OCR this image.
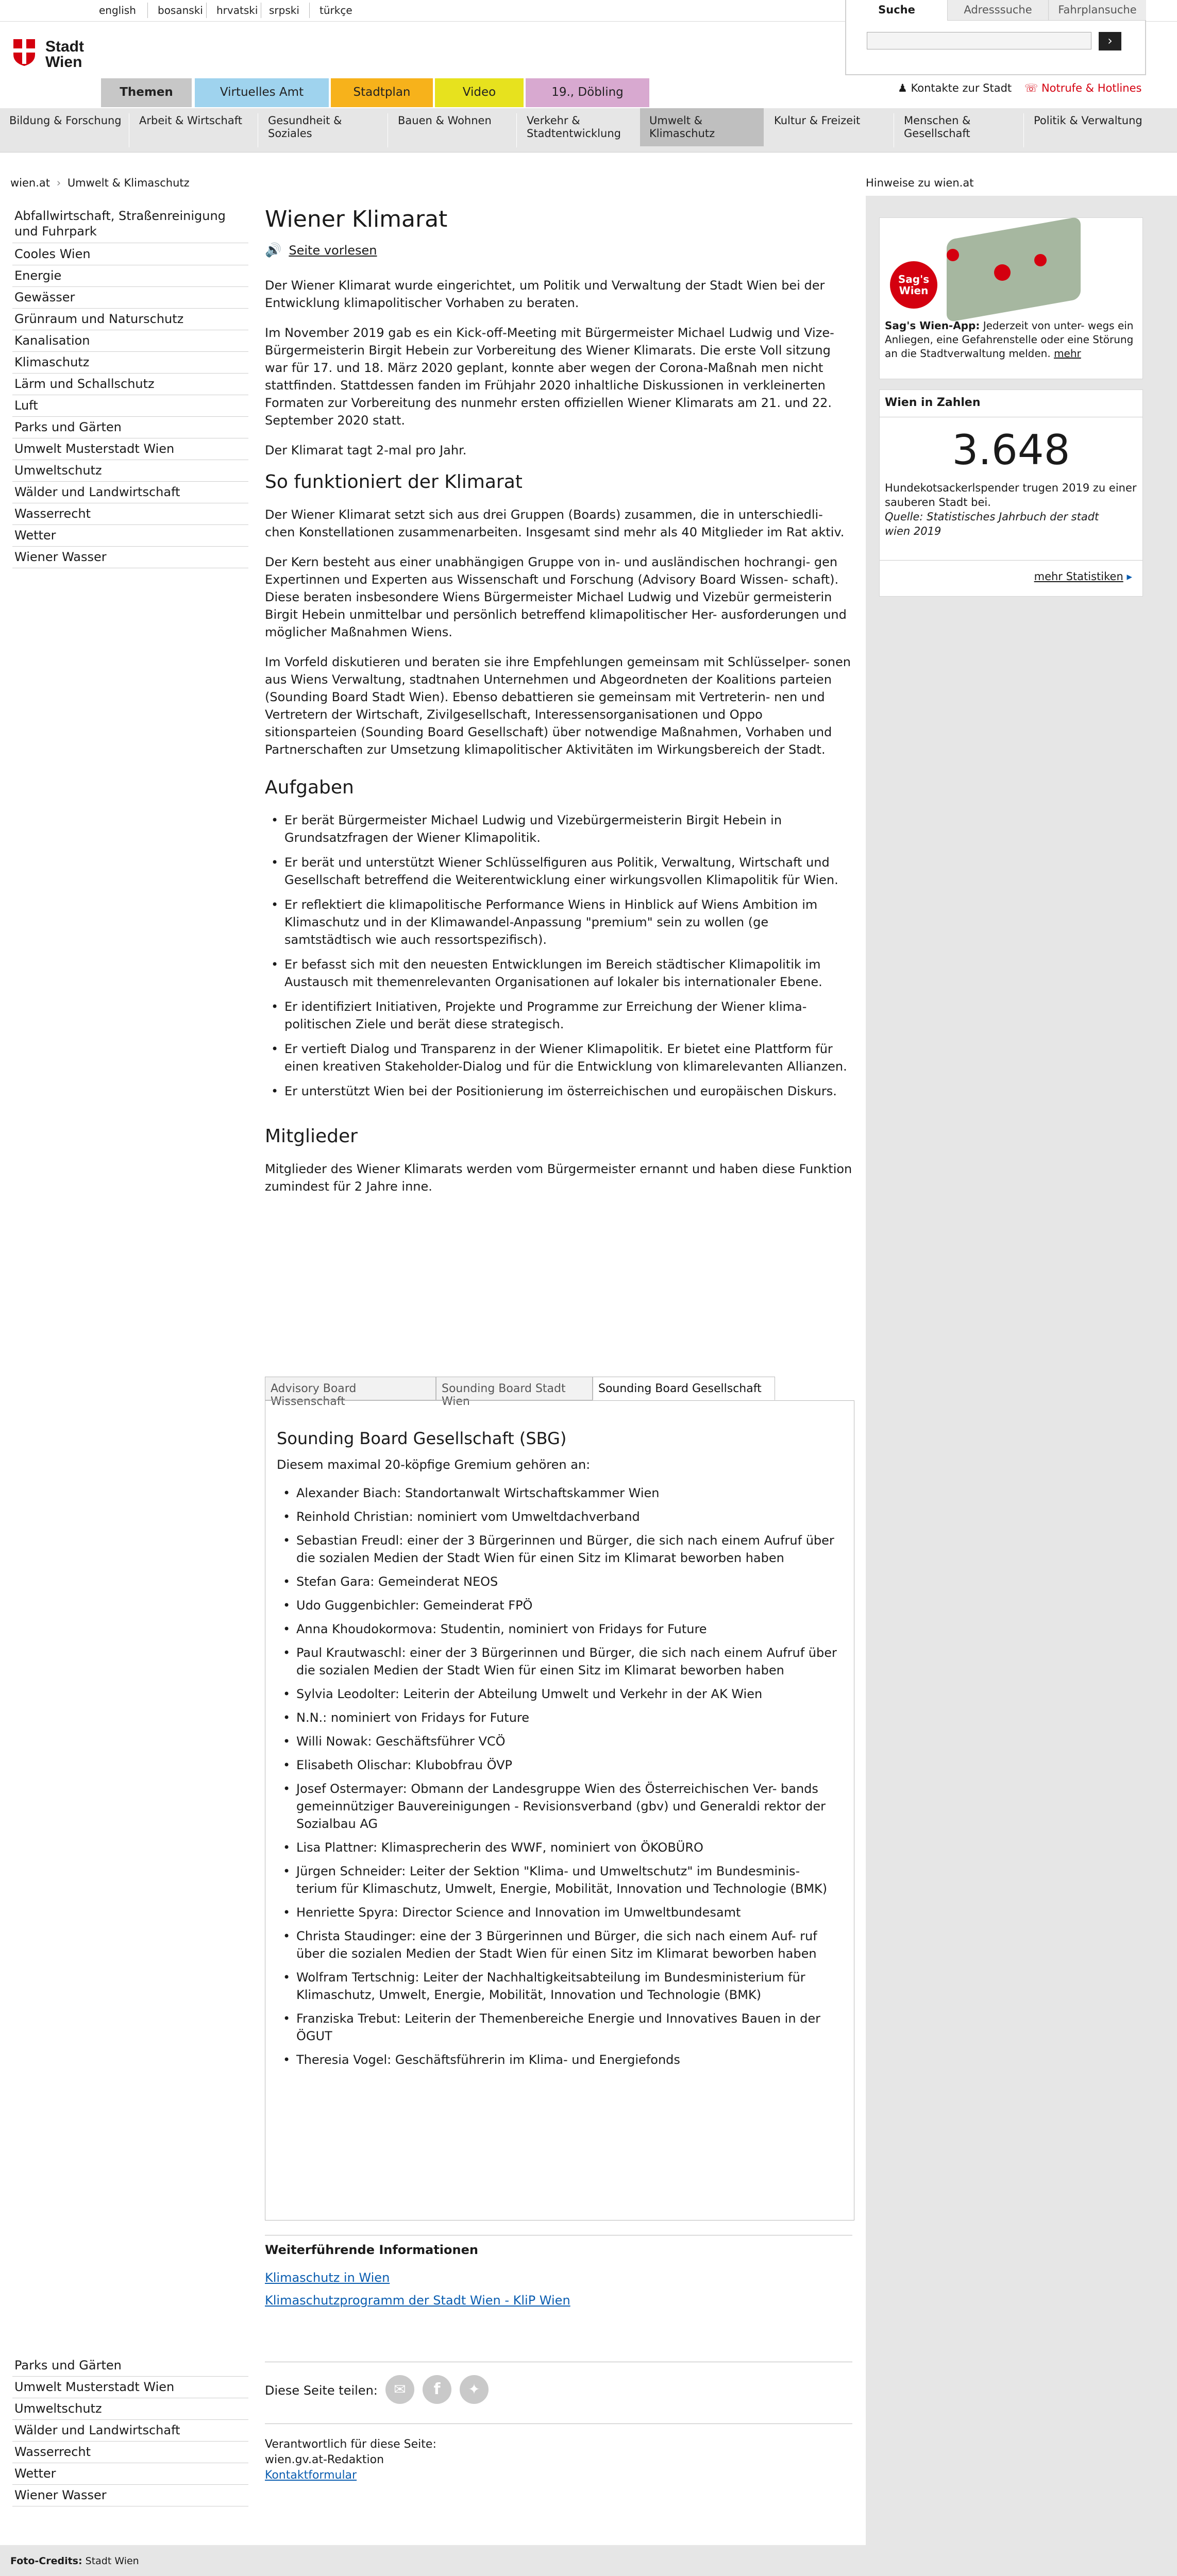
english bosanski hrvatski srpski türkçe	Suche	Adresssuche	Fahrplansuche
›
Stadt
Wien
Themen	Virtuelles Amt	Stadtplan	Video	19., Döbling	♟ Kontakte zur Stadt ☏ Notrufe & Hotlines
Bildung & Forschung	Arbeit & Wirtschaft	Gesundheit & Soziales
Bauen & Wohnen	Verkehr & Stadtentwicklung
Umwelt & Klimaschutz
Kultur & Freizeit	Menschen & Gesellschaft
Politik & Verwaltung
wien.at › Umwelt & Klimaschutz	Hinweise zu wien.at
Abfallwirtschaft, Straßenreinigung und Fuhrpark
Cooles Wien
Energie
Gewässer
Grünraum und Naturschutz
Kanalisation
Klimaschutz
Lärm und Schallschutz
Luft
Parks und Gärten
Umwelt Musterstadt Wien
Umweltschutz
Wälder und Landwirtschaft
Wasserrecht
Wetter
Wiener Wasser
Parks und Gärten
Umwelt Musterstadt Wien
Umweltschutz
Wälder und Landwirtschaft
Wasserrecht
Wetter
Wiener Wasser
Wiener Klimarat
🔊 Seite vorlesen

Der Wiener Klimarat wurde eingerichtet, um Politik und Verwaltung der Stadt Wien bei der Entwicklung klimapolitischer Vorhaben zu beraten.

Im November 2019 gab es ein Kick-off-Meeting mit Bürgermeister Michael Ludwig und Vize-Bürgermeisterin Birgit Hebein zur Vorbereitung des Wiener Klimarats. Die erste Voll sitzung war für 17. und 18. März 2020 geplant, konnte aber wegen der Corona-Maßnah men nicht stattfinden. Stattdessen fanden im Frühjahr 2020 inhaltliche Diskussionen in verkleinerten Formaten zur Vorbereitung des nunmehr ersten offiziellen Wiener Klimarats am 21. und 22. September 2020 statt.

Der Klimarat tagt 2-mal pro Jahr.

So funktioniert der Klimarat

Der Wiener Klimarat setzt sich aus drei Gruppen (Boards) zusammen, die in unterschiedli- chen Konstellationen zusammenarbeiten. Insgesamt sind mehr als 40 Mitglieder im Rat aktiv.

Der Kern besteht aus einer unabhängigen Gruppe von in- und ausländischen hochrangi- gen Expertinnen und Experten aus Wissenschaft und Forschung (Advisory Board Wissen- schaft). Diese beraten insbesondere Wiens Bürgermeister Michael Ludwig und Vizebür germeisterin Birgit Hebein unmittelbar und persönlich betreffend klimapolitischer Her- ausforderungen und möglicher Maßnahmen Wiens.

Im Vorfeld diskutieren und beraten sie ihre Empfehlungen gemeinsam mit Schlüsselper- sonen aus Wiens Verwaltung, stadtnahen Unternehmen und Abgeordneten der Koalitions parteien (Sounding Board Stadt Wien). Ebenso debattieren sie gemeinsam mit Vertreterin- nen und Vertretern der Wirtschaft, Zivilgesellschaft, Interessensorganisationen und Oppo sitionsparteien (Sounding Board Gesellschaft) über notwendige Maßnahmen, Vorhaben und Partnerschaften zur Umsetzung klimapolitischer Aktivitäten im Wirkungsbereich der Stadt.

Aufgaben
• Er berät Bürgermeister Michael Ludwig und Vizebürgermeisterin Birgit Hebein in Grundsatzfragen der Wiener Klimapolitik.
• Er berät und unterstützt Wiener Schlüsselfiguren aus Politik, Verwaltung, Wirtschaft und Gesellschaft betreffend die Weiterentwicklung einer wirkungsvollen Klimapolitik für Wien.
• Er reflektiert die klimapolitische Performance Wiens in Hinblick auf Wiens Ambition im Klimaschutz und in der Klimawandel-Anpassung "premium" sein zu wollen (ge samtstädtisch wie auch ressortspezifisch).
• Er befasst sich mit den neuesten Entwicklungen im Bereich städtischer Klimapolitik im Austausch mit themenrelevanten Organisationen auf lokaler bis internationaler Ebene.
• Er identifiziert Initiativen, Projekte und Programme zur Erreichung der Wiener klima- politischen Ziele und berät diese strategisch.
• Er vertieft Dialog und Transparenz in der Wiener Klimapolitik. Er bietet eine Plattform für einen kreativen Stakeholder-Dialog und für die Entwicklung von klimarelevanten Allianzen.
• Er unterstützt Wien bei der Positionierung im österreichischen und europäischen Diskurs.
Mitglieder

Mitglieder des Wiener Klimarats werden vom Bürgermeister ernannt und haben diese Funktion zumindest für 2 Jahre inne.

Advisory Board Wissenschaft
Sounding Board Stadt Wien
Sounding Board Gesellschaft
Sounding Board Gesellschaft (SBG)
Diesem maximal 20-köpfige Gremium gehören an:
• Alexander Biach: Standortanwalt Wirtschaftskammer Wien
• Reinhold Christian: nominiert vom Umweltdachverband
• Sebastian Freudl: einer der 3 Bürgerinnen und Bürger, die sich nach einem Aufruf über die sozialen Medien der Stadt Wien für einen Sitz im Klimarat beworben haben
• Stefan Gara: Gemeinderat NEOS
• Udo Guggenbichler: Gemeinderat FPÖ
• Anna Khoudokormova: Studentin, nominiert von Fridays for Future
• Paul Krautwaschl: einer der 3 Bürgerinnen und Bürger, die sich nach einem Aufruf über die sozialen Medien der Stadt Wien für einen Sitz im Klimarat beworben haben
• Sylvia Leodolter: Leiterin der Abteilung Umwelt und Verkehr in der AK Wien
• N.N.: nominiert von Fridays for Future
• Willi Nowak: Geschäftsführer VCÖ
• Elisabeth Olischar: Klubobfrau ÖVP
• Josef Ostermayer: Obmann der Landesgruppe Wien des Österreichischen Ver- bands gemeinnütziger Bauvereinigungen - Revisionsverband (gbv) und Generaldi rektor der Sozialbau AG
• Lisa Plattner: Klimasprecherin des WWF, nominiert von ÖKOBÜRO
• Jürgen Schneider: Leiter der Sektion "Klima- und Umweltschutz" im Bundesminis- terium für Klimaschutz, Umwelt, Energie, Mobilität, Innovation und Technologie (BMK)
• Henriette Spyra: Director Science and Innovation im Umweltbundesamt
• Christa Staudinger: eine der 3 Bürgerinnen und Bürger, die sich nach einem Auf- ruf über die sozialen Medien der Stadt Wien für einen Sitz im Klimarat beworben haben
• Wolfram Tertschnig: Leiter der Nachhaltigkeitsabteilung im Bundesministerium für Klimaschutz, Umwelt, Energie, Mobilität, Innovation und Technologie (BMK)
• Franziska Trebut: Leiterin der Themenbereiche Energie und Innovatives Bauen in der ÖGUT
• Theresia Vogel: Geschäftsführerin im Klima- und Energiefonds
Weiterführende Informationen
Klimaschutz in Wien
Klimaschutzprogramm der Stadt Wien - KliP Wien
Diese Seite teilen:	✉	f	✦
Verantwortlich für diese Seite:
wien.gv.at-Redaktion
Kontaktformular
Sag's Wien
Sag's Wien-App: Jederzeit von unter- wegs ein Anliegen, eine Gefahrenstelle oder eine Störung an die Stadtverwaltung melden. mehr
Wien in Zahlen
3.648
Hundekotsackerlspender trugen 2019 zu einer sauberen Stadt bei.
Quelle: Statistisches Jahrbuch der stadt wien 2019
mehr Statistiken ▸
Foto-Credits: Stadt Wien
